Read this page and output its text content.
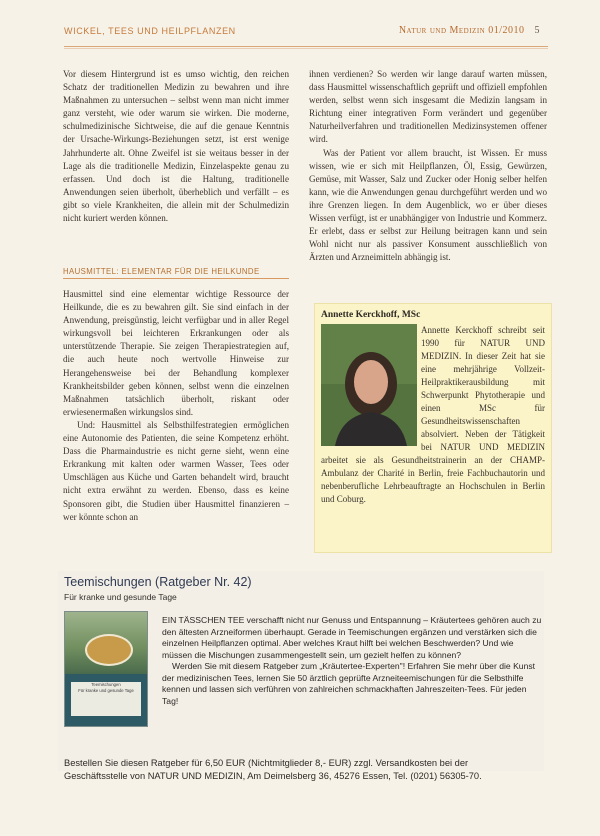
WICKEL, TEES UND HEILPFLANZEN	Natur und Medizin 01/2010 5

Vor diesem Hintergrund ist es umso wichtig, den reichen Schatz der traditionellen Medizin zu bewahren und ihre Maßnahmen zu untersuchen – selbst wenn man nicht immer ganz versteht, wie oder warum sie wirken. Die moderne, schulmedizinische Sichtweise, die auf die genaue Kenntnis der Ursache-Wirkungs-Beziehungen setzt, ist erst wenige Jahrhunderte alt. Ohne Zweifel ist sie weitaus besser in der Lage als die traditionelle Medizin, Einzelaspekte genau zu erfassen. Und doch ist die Haltung, traditionelle Anwendungen seien überholt, überheblich und verfällt – es gibt so viele Krankheiten, die allein mit der Schulmedizin nicht kuriert werden können.

HAUSMITTEL: ELEMENTAR FÜR DIE HEILKUNDE

Hausmittel sind eine elementar wichtige Ressource der Heilkunde, die es zu bewahren gilt. Sie sind einfach in der Anwendung, preisgünstig, leicht verfügbar und in aller Regel wirkungsvoll bei leichteren Erkrankungen oder als unterstützende Therapie. Sie zeigen Therapiestrategien auf, die auch heute noch wertvolle Hinweise zur Herangehensweise bei der Behandlung komplexer Krankheitsbilder geben können, selbst wenn die einzelnen Maßnahmen tatsächlich überholt, riskant oder erwiesenermaßen wirkungslos sind.

Und: Hausmittel als Selbsthilfestrategien ermöglichen eine Autonomie des Patienten, die seine Kompetenz erhöht. Dass die Pharmaindustrie es nicht gerne sieht, wenn eine Erkrankung mit kalten oder warmen Wasser, Tees oder Umschlägen aus Küche und Garten behandelt wird, braucht nicht extra erwähnt zu werden. Ebenso, dass es keine Sponsoren gibt, die Studien über Hausmittel finanzieren – wer könnte schon an

ihnen verdienen? So werden wir lange darauf warten müssen, dass Hausmittel wissenschaftlich geprüft und offiziell empfohlen werden, selbst wenn sich insgesamt die Medizin langsam in Richtung einer integrativen Form verändert und gegenüber Naturheilverfahren und traditionellen Medizinsystemen offener wird.

Was der Patient vor allem braucht, ist Wissen. Er muss wissen, wie er sich mit Heilpflanzen, Öl, Essig, Gewürzen, Gemüse, mit Wasser, Salz und Zucker oder Honig selber helfen kann, wie die Anwendungen genau durchgeführt werden und wo ihre Grenzen liegen. In dem Augenblick, wo er über dieses Wissen verfügt, ist er unabhängiger von Industrie und Kommerz. Er erlebt, dass er selbst zur Heilung beitragen kann und sein Wohl nicht nur als passiver Konsument ausschließlich von Ärzten und Arzneimitteln abhängig ist.

Annette Kerckhoff, MSc
Annette Kerckhoff schreibt seit 1990 für NATUR UND MEDIZIN. In dieser Zeit hat sie eine mehrjährige Vollzeit-Heilpraktikerausbildung mit Schwerpunkt Phytotherapie und einen MSc für Gesundheitswissenschaften absolviert. Neben der Tätigkeit bei NATUR UND MEDIZIN arbeitet sie als Gesundheitstrainerin an der CHAMP-Ambulanz der Charité in Berlin, freie Fachbuchautorin und nebenberufliche Lehrbeauftragte an Hochschulen in Berlin und Coburg.
Teemischungen (Ratgeber Nr. 42)
Für kranke und gesunde Tage
Teemischungen
Für kranke und gesunde Tage

EIN TÄSSCHEN TEE verschafft nicht nur Genuss und Entspannung – Kräutertees gehören auch zu den ältesten Arzneiformen überhaupt. Gerade in Teemischungen ergänzen und verstärken sich die einzelnen Heilpflanzen optimal. Aber welches Kraut hilft bei welchen Beschwerden? Und wie müssen die Mischungen zusammengestellt sein, um gezielt helfen zu können?

Werden Sie mit diesem Ratgeber zum „Kräutertee-Experten"! Erfahren Sie mehr über die Kunst der medizinischen Tees, lernen Sie 50 ärztlich geprüfte Arzneiteemischungen für die Selbsthilfe kennen und lassen sich verführen von zahlreichen schmackhaften Jahreszeiten-Tees. Für jeden Tag!

Bestellen Sie diesen Ratgeber für 6,50 EUR (Nichtmitglieder 8,- EUR) zzgl. Versandkosten bei der Geschäftsstelle von NATUR UND MEDIZIN, Am Deimelsberg 36, 45276 Essen, Tel. (0201) 56305-70.
